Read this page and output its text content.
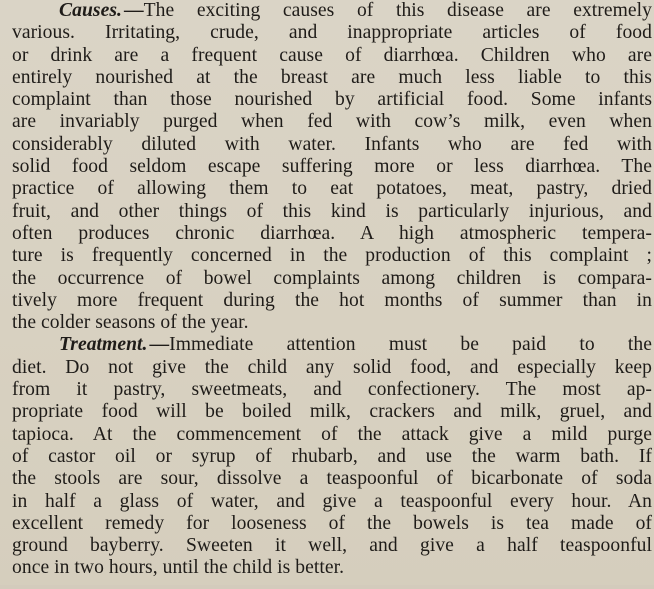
Causes. —The exciting causes of this disease are extremely
various. Irritating, crude, and inappropriate articles of food
or drink are a frequent cause of diarrhœa. Children who are
entirely nourished at the breast are much less liable to this
complaint than those nourished by artificial food. Some infants
are invariably purged when fed with cow’s milk, even when
considerably diluted with water. Infants who are fed with
solid food seldom escape suffering more or less diarrhœa. The
practice of allowing them to eat potatoes, meat, pastry, dried
fruit, and other things of this kind is particularly injurious, and
often produces chronic diarrhœa. A high atmospheric tempera-
ture is frequently concerned in the production of this complaint ;
the occurrence of bowel complaints among children is compara-
tively more frequent during the hot months of summer than in
the colder seasons of the year.
Treatment. —Immediate attention must be paid to the
diet. Do not give the child any solid food, and especially keep
from it pastry, sweetmeats, and confectionery. The most ap-
propriate food will be boiled milk, crackers and milk, gruel, and
tapioca. At the commencement of the attack give a mild purge
of castor oil or syrup of rhubarb, and use the warm bath. If
the stools are sour, dissolve a teaspoonful of bicarbonate of soda
in half a glass of water, and give a teaspoonful every hour. An
excellent remedy for looseness of the bowels is tea made of
ground bayberry. Sweeten it well, and give a half teaspoonful
once in two hours, until the child is better.
